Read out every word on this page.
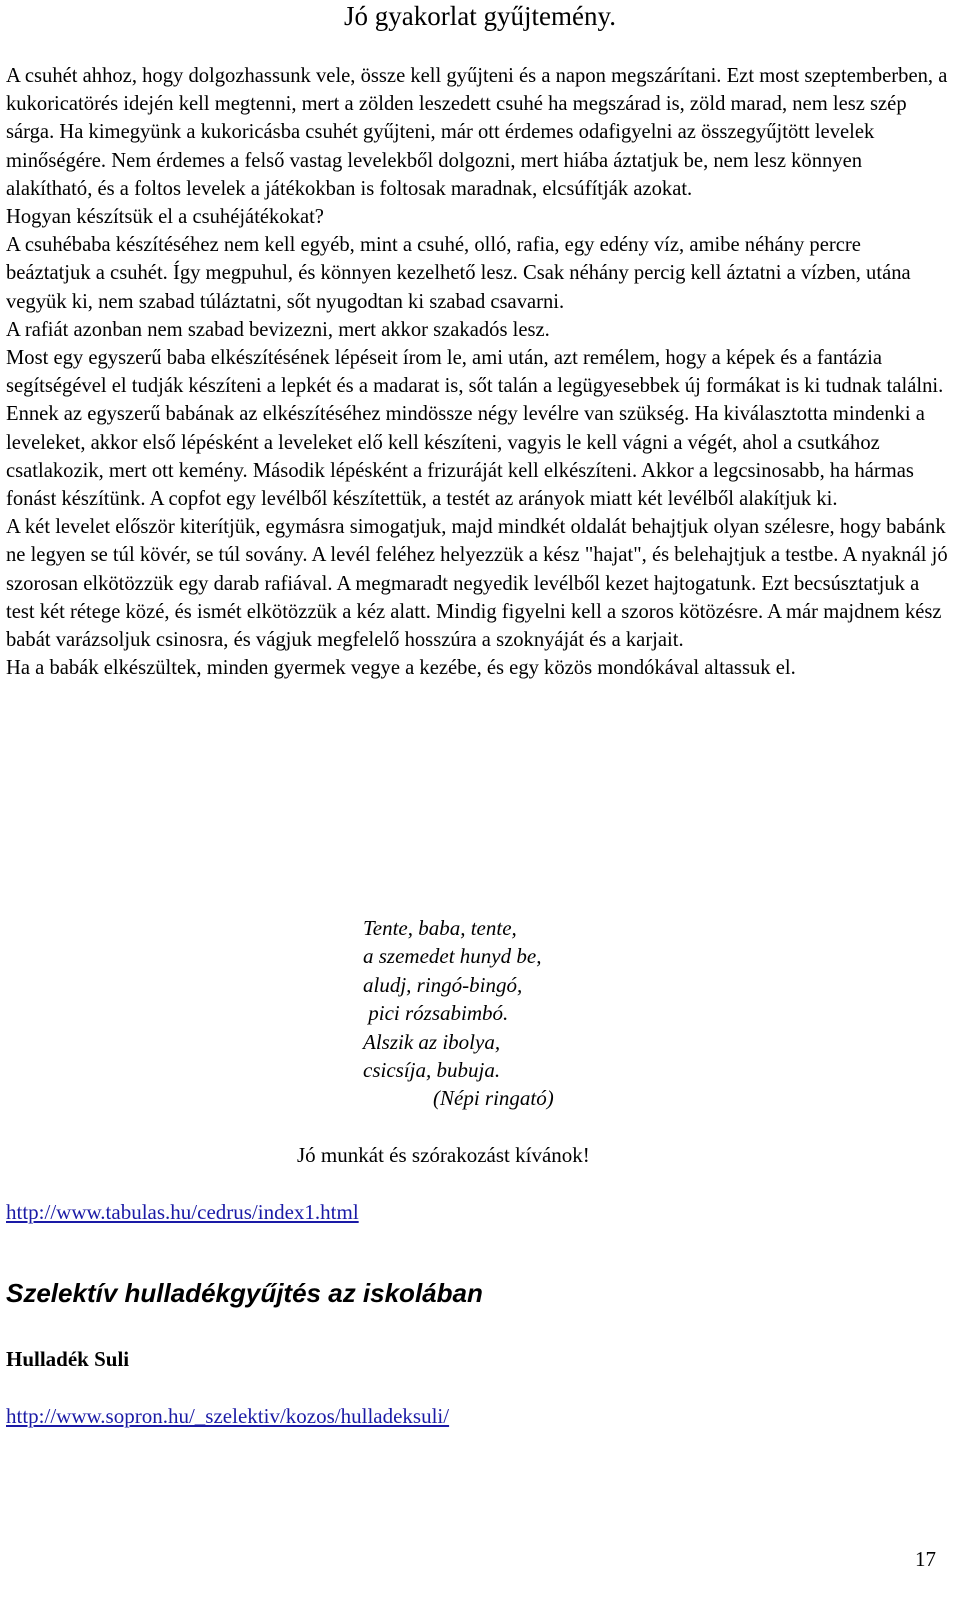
Jó gyakorlat gyűjtemény.

A csuhét ahhoz, hogy dolgozhassunk vele, össze kell gyűjteni és a napon megszárítani. Ezt most szeptemberben, a kukoricatörés idején kell megtenni, mert a zölden leszedett csuhé ha megszárad is, zöld marad, nem lesz szép sárga. Ha kimegyünk a kukoricásba csuhét gyűjteni, már ott érdemes odafigyelni az összegyűjtött levelek minőségére. Nem érdemes a felső vastag levelekből dolgozni, mert hiába áztatjuk be, nem lesz könnyen alakítható, és a foltos levelek a játékokban is foltosak maradnak, elcsúfítják azokat.

Hogyan készítsük el a csuhéjátékokat?

A csuhébaba készítéséhez nem kell egyéb, mint a csuhé, olló, rafia, egy edény víz, amibe néhány percre beáztatjuk a csuhét. Így megpuhul, és könnyen kezelhető lesz. Csak néhány percig kell áztatni a vízben, utána vegyük ki, nem szabad túláztatni, sőt nyugodtan ki szabad csavarni.

A rafiát azonban nem szabad bevizezni, mert akkor szakadós lesz.

Most egy egyszerű baba elkészítésének lépéseit írom le, ami után, azt remélem, hogy a képek és a fantázia segítségével el tudják készíteni a lepkét és a madarat is, sőt talán a legügyesebbek új formákat is ki tudnak találni.

Ennek az egyszerű babának az elkészítéséhez mindössze négy levélre van szükség. Ha kiválasztotta mindenki a leveleket, akkor első lépésként a leveleket elő kell készíteni, vagyis le kell vágni a végét, ahol a csutkához csatlakozik, mert ott kemény. Második lépésként a frizuráját kell elkészíteni. Akkor a legcsinosabb, ha hármas fonást készítünk. A copfot egy levélből készítettük, a testét az arányok miatt két levélből alakítjuk ki.

A két levelet először kiterítjük, egymásra simogatjuk, majd mindkét oldalát behajtjuk olyan szélesre, hogy babánk ne legyen se túl kövér, se túl sovány. A levél feléhez helyezzük a kész "hajat", és belehajtjuk a testbe. A nyaknál jó szorosan elkötözzük egy darab rafiával. A megmaradt negyedik levélből kezet hajtogatunk. Ezt becsúsztatjuk a test két rétege közé, és ismét elkötözzük a kéz alatt. Mindig figyelni kell a szoros kötözésre. A már majdnem kész babát varázsoljuk csinosra, és vágjuk megfelelő hosszúra a szoknyáját és a karjait.

Ha a babák elkészültek, minden gyermek vegye a kezébe, és egy közös mondókával altassuk el.

Tente, baba, tente,
a szemedet hunyd be,
aludj, ringó-bingó,
pici rózsabimbó.
Alszik az ibolya,
csicsíja, bubuja.
(Népi ringató)
Jó munkát és szórakozást kívánok!
http://www.tabulas.hu/cedrus/index1.html
Szelektív hulladékgyűjtés az iskolában
Hulladék Suli
http://www.sopron.hu/_szelektiv/kozos/hulladeksuli/
17
